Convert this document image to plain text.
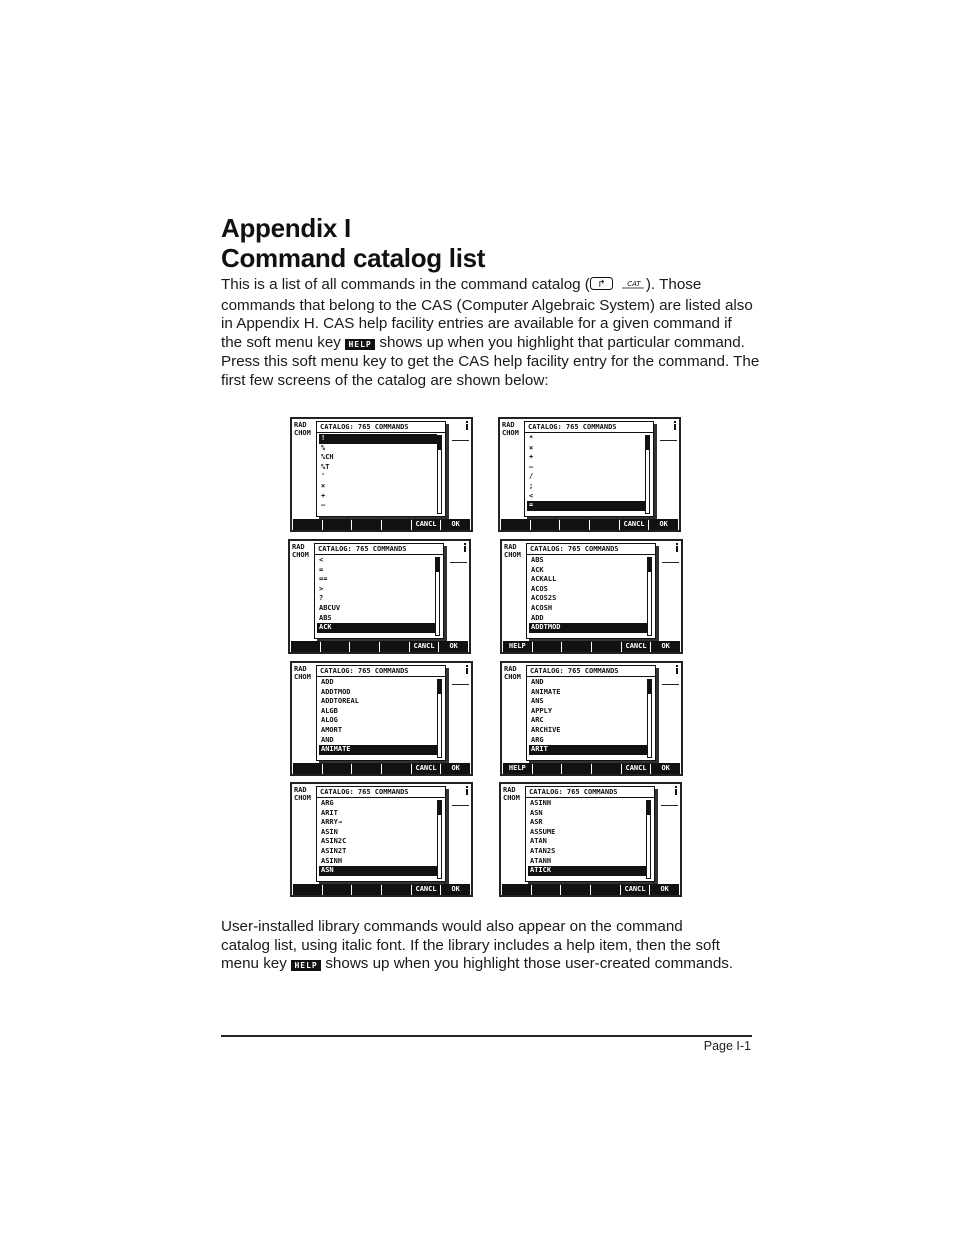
Appendix I
Command catalog list
This is a list of all commands in the command catalog ( ↱	CAT ). Those
commands that belong to the CAS (Computer Algebraic System) are listed also
in Appendix H. CAS help facility entries are available for a given command if
the soft menu key HELP shows up when you highlight that particular command.
Press this soft menu key to get the CAS help facility entry for the command. The
first few screens of the catalog are shown below:
RAD
CHOM
CATALOG: 765 COMMANDS
!
%
%CH
%T
'
×
+
–
CANCL	OK
RAD
CHOM
CATALOG: 765 COMMANDS
*
×
+
–
/
;
<
=
CANCL	OK
RAD
CHOM
CATALOG: 765 COMMANDS
<
=
==
>
?
ABCUV
ABS
ACK
CANCL	OK
RAD
CHOM
CATALOG: 765 COMMANDS
ABS
ACK
ACKALL
ACOS
ACOS2S
ACOSH
ADD
ADDTMOD
HELP	CANCL	OK
RAD
CHOM
CATALOG: 765 COMMANDS
ADD
ADDTMOD
ADDTOREAL
ALGB
ALOG
AMORT
AND
ANIMATE
CANCL	OK
RAD
CHOM
CATALOG: 765 COMMANDS
AND
ANIMATE
ANS
APPLY
ARC
ARCHIVE
ARG
ARIT
HELP	CANCL	OK
RAD
CHOM
CATALOG: 765 COMMANDS
ARG
ARIT
ARRY→
ASIN
ASIN2C
ASIN2T
ASINH
ASN
CANCL	OK
RAD
CHOM
CATALOG: 765 COMMANDS
ASINH
ASN
ASR
ASSUME
ATAN
ATAN2S
ATANH
ATICK
CANCL	OK
User-installed library commands would also appear on the command
catalog list, using italic font. If the library includes a help item, then the soft
menu key HELP shows up when you highlight those user-created commands.
Page I-1
